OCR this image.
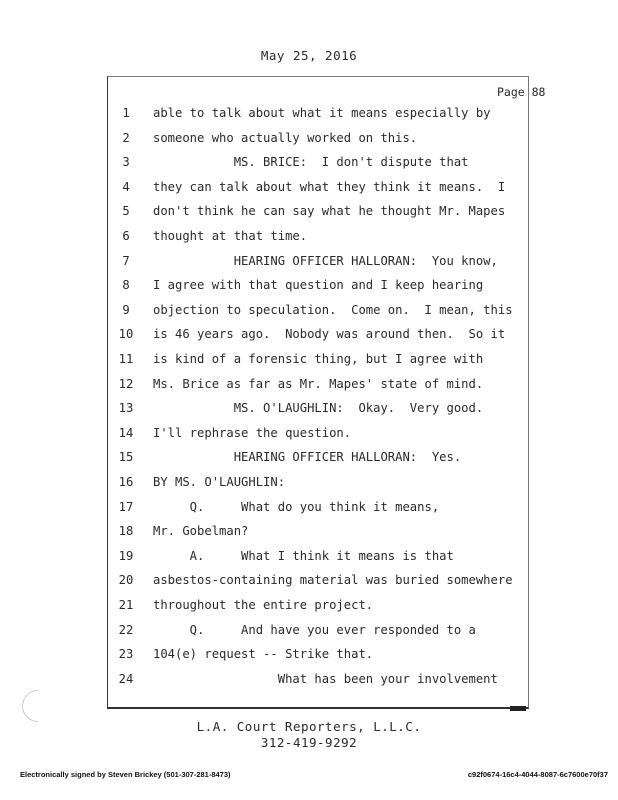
May 25, 2016
Page 88
1	able to talk about what it means especially by
2	someone who actually worked on this.
3	MS. BRICE:  I don't dispute that
4	they can talk about what they think it means.  I
5	don't think he can say what he thought Mr. Mapes
6	thought at that time.
7	HEARING OFFICER HALLORAN:  You know,
8	I agree with that question and I keep hearing
9	objection to speculation.  Come on.  I mean, this
10 is 46 years ago.  Nobody was around then.  So it
11 is kind of a forensic thing, but I agree with
12 Ms. Brice as far as Mr. Mapes' state of mind.
13 MS. O'LAUGHLIN:  Okay.  Very good.
14 I'll rephrase the question.
15 HEARING OFFICER HALLORAN:  Yes.
16 BY MS. O'LAUGHLIN:
17 Q.     What do you think it means,
18 Mr. Gobelman?
19 A.     What I think it means is that
20 asbestos-containing material was buried somewhere
21 throughout the entire project.
22 Q.     And have you ever responded to a
23 104(e) request -- Strike that.
24 What has been your involvement
L.A. Court Reporters, L.L.C.
312-419-9292
Electronically signed by Steven Brickey (501-307-281-8473)	c92f0674-16c4-4044-8087-6c7600e70f37
